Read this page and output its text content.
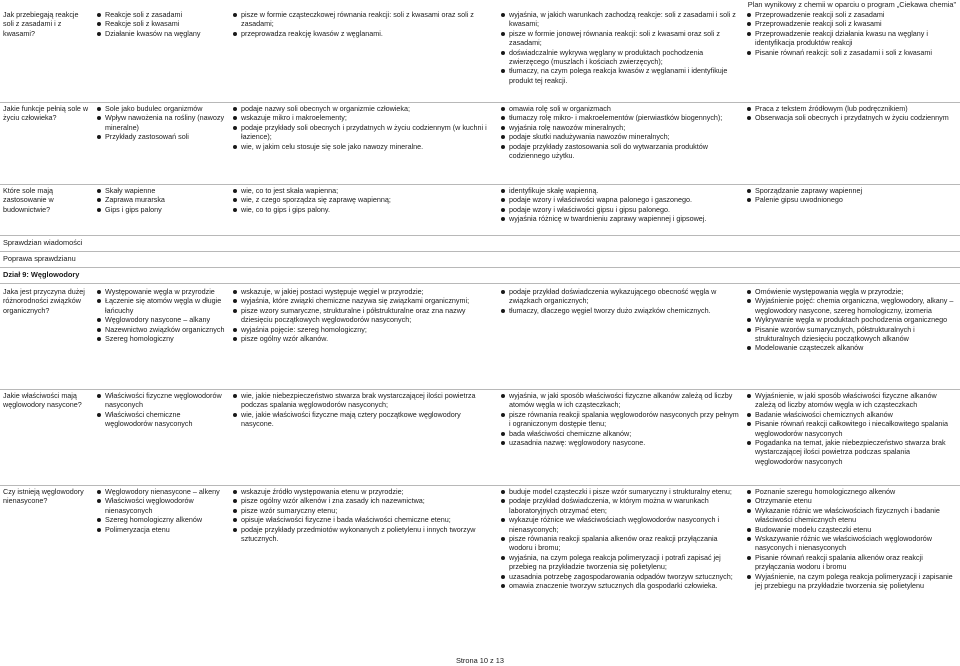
Plan wynikowy z chemii w oparciu o program „Ciekawa chemia”
Jak przebiegają reakcje soli z zasadami i z kwasami?
Reakcje soli z zasadami
Reakcje soli z kwasami
Działanie kwasów na węglany
pisze w formie cząsteczkowej równania reakcji: soli z kwasami oraz soli z zasadami;
przeprowadza reakcję kwasów z węglanami.
wyjaśnia, w jakich warunkach zachodzą reakcje: soli z zasadami i soli z kwasami;
pisze w formie jonowej równania reakcji: soli z kwasami oraz soli z zasadami;
doświadczalnie wykrywa węglany w produktach pochodzenia zwierzęcego (muszlach i kościach zwierzęcych);
tłumaczy, na czym polega reakcja kwasów z węglanami i identyfikuje produkt tej reakcji.
Przeprowadzenie reakcji soli z zasadami
Przeprowadzenie reakcji soli z kwasami
Przeprowadzenie reakcji działania kwasu na węglany i identyfikacja produktów reakcji
Pisanie równań reakcji: soli z zasadami i soli z kwasami
Jakie funkcje pełnią sole w życiu człowieka?
Sole jako budulec organizmów
Wpływ nawożenia na rośliny (nawozy mineralne)
Przykłady zastosowań soli
podaje nazwy soli obecnych w organizmie człowieka;
wskazuje mikro i makroelementy;
podaje przykłady soli obecnych i przydatnych w życiu codziennym (w kuchni i łazience);
wie, w jakim celu stosuje się sole jako nawozy mineralne.
omawia rolę soli w organizmach
tłumaczy rolę mikro- i makroelementów (pierwiastków biogennych);
wyjaśnia rolę nawozów mineralnych;
podaje skutki nadużywania nawozów mineralnych;
podaje przykłady zastosowania soli do wytwarzania produktów codziennego użytku.
Praca z tekstem źródłowym (lub podręcznikiem)
Obserwacja soli obecnych i przydatnych w życiu codziennym
Które sole mają zastosowanie w budownictwie?
Skały wapienne
Zaprawa murarska
Gips i gips palony
wie, co to jest skała wapienna;
wie, z czego sporządza się zaprawę wapienną;
wie, co to gips i gips palony.
identyfikuje skałę wapienną.
podaje wzory i właściwości wapna palonego i gaszonego.
podaje wzory i właściwości gipsu i gipsu palonego.
wyjaśnia różnicę w twardnieniu zaprawy wapiennej i gipsowej.
Sporządzanie zaprawy wapiennej
Palenie gipsu uwodnionego
Sprawdzian wiadomości
Poprawa sprawdzianu
Dział 9: Węglowodory
Jaka jest przyczyna dużej różnorodności związków organicznych?
Występowanie węgla w przyrodzie
Łączenie się atomów węgla w długie łańcuchy
Węglowodory nasycone – alkany
Nazewnictwo związków organicznych
Szereg homologiczny
wskazuje, w jakiej postaci występuje węgiel w przyrodzie;
wyjaśnia, które związki chemiczne nazywa się związkami organicznymi;
pisze wzory sumaryczne, strukturalne i półstrukturalne oraz zna nazwy dziesięciu początkowych węglowodorów nasyconych;
wyjaśnia pojęcie: szereg homologiczny;
pisze ogólny wzór alkanów.
podaje przykład doświadczenia wykazującego obecność węgla w związkach organicznych;
tłumaczy, dlaczego węgiel tworzy dużo związków chemicznych.
Omówienie występowania węgla w przyrodzie;
Wyjaśnienie pojęć: chemia organiczna, węglowodory, alkany – węglowodory nasycone, szereg homologiczny, izomeria
Wykrywanie węgla w produktach pochodzenia organicznego
Pisanie wzorów sumarycznych, półstrukturalnych i strukturalnych dziesięciu początkowych alkanów
Modelowanie cząsteczek alkanów
Jakie właściwości mają węglowodory nasycone?
Właściwości fizyczne węglowodorów nasyconych
Właściwości chemiczne węglowodorów nasyconych
wie, jakie niebezpieczeństwo stwarza brak wystarczającej ilości powietrza podczas spalania węglowodorów nasyconych;
wie, jakie właściwości fizyczne mają cztery początkowe węglowodory nasycone.
wyjaśnia, w jaki sposób właściwości fizyczne alkanów zależą od liczby atomów węgla w ich cząsteczkach;
pisze równania reakcji spalania węglowodorów nasyconych przy pełnym i ograniczonym dostępie tlenu;
bada właściwości chemiczne alkanów;
uzasadnia nazwę: węglowodory nasycone.
Wyjaśnienie, w jaki sposób właściwości fizyczne alkanów zależą od liczby atomów węgla w ich cząsteczkach
Badanie właściwości chemicznych alkanów
Pisanie równań reakcji całkowitego i niecałkowitego spalania węglowodorów nasyconych
Pogadanka na temat, jakie niebezpieczeństwo stwarza brak wystarczającej ilości powietrza podczas spalania węglowodorów nasyconych
Czy istnieją węglowodory nienasycone?
Węglowodory nienasycone – alkeny
Właściwości węglowodorów nienasyconych
Szereg homologiczny alkenów
Polimeryzacja etenu
wskazuje źródło występowania etenu w przyrodzie;
pisze ogólny wzór alkenów i zna zasady ich nazewnictwa;
pisze wzór sumaryczny etenu;
opisuje właściwości fizyczne i bada właściwości chemiczne etenu;
podaje przykłady przedmiotów wykonanych z polietylenu i innych tworzyw sztucznych.
buduje model cząsteczki i pisze wzór sumaryczny i strukturalny etenu;
podaje przykład doświadczenia, w którym można w warunkach laboratoryjnych otrzymać eten;
wykazuje różnice we właściwościach węglowodorów nasyconych i nienasyconych;
pisze równania reakcji spalania alkenów oraz reakcji przyłączania wodoru i bromu;
wyjaśnia, na czym polega reakcja polimeryzacji i potrafi zapisać jej przebieg na przykładzie tworzenia się polietylenu;
uzasadnia potrzebę zagospodarowania odpadów tworzyw sztucznych;
omawia znaczenie tworzyw sztucznych dla gospodarki człowieka.
Poznanie szeregu homologicznego alkenów
Otrzymanie etenu
Wykazanie różnic we właściwościach fizycznych i badanie właściwości chemicznych etenu
Budowanie modelu cząsteczki etenu
Wskazywanie różnic we właściwościach węglowodorów nasyconych i nienasyconych
Pisanie równań reakcji spalania alkenów oraz reakcji przyłączania wodoru i bromu
Wyjaśnienie, na czym polega reakcja polimeryzacji i zapisanie jej przebiegu na przykładzie tworzenia się polietylenu
Strona 10 z 13
